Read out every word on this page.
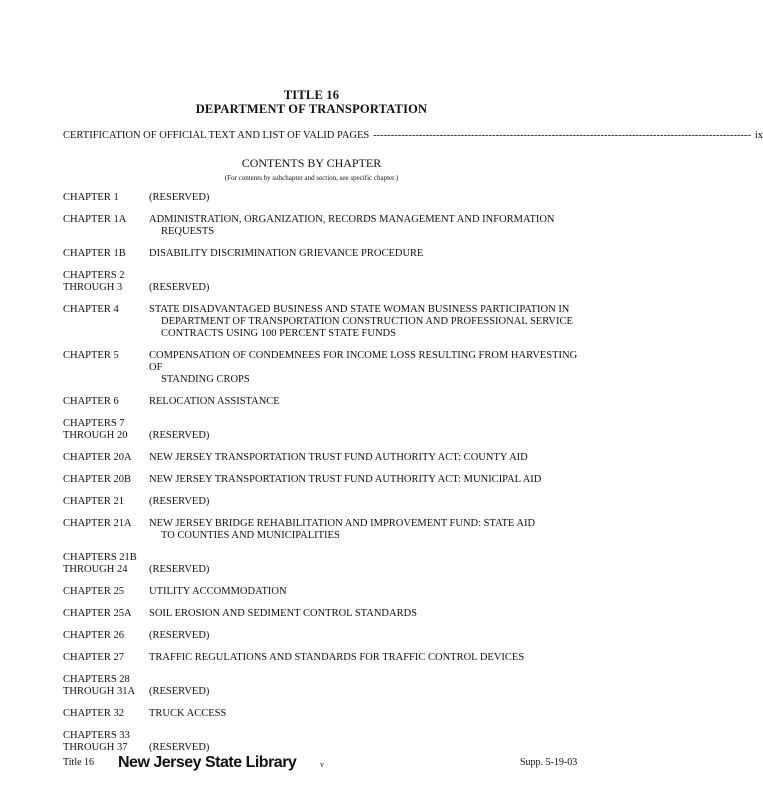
TITLE 16
DEPARTMENT OF TRANSPORTATION
CERTIFICATION OF OFFICIAL TEXT AND LIST OF VALID PAGES ------------------------------------------------------------------------------------------------------------ ix
CONTENTS BY CHAPTER
(For contents by subchapter and section, see specific chapter.)
CHAPTER 1	(RESERVED)
CHAPTER 1A	ADMINISTRATION, ORGANIZATION, RECORDS MANAGEMENT AND INFORMATION
REQUESTS
CHAPTER 1B	DISABILITY DISCRIMINATION GRIEVANCE PROCEDURE
CHAPTERS 2
THROUGH 3
	(RESERVED)
CHAPTER 4	STATE DISADVANTAGED BUSINESS AND STATE WOMAN BUSINESS PARTICIPATION IN
DEPARTMENT OF TRANSPORTATION CONSTRUCTION AND PROFESSIONAL SERVICE
CONTRACTS USING 100 PERCENT STATE FUNDS
CHAPTER 5	COMPENSATION OF CONDEMNEES FOR INCOME LOSS RESULTING FROM HARVESTING OF
STANDING CROPS
CHAPTER 6	RELOCATION ASSISTANCE
CHAPTERS 7
THROUGH 20
	(RESERVED)
CHAPTER 20A	NEW JERSEY TRANSPORTATION TRUST FUND AUTHORITY ACT: COUNTY AID
CHAPTER 20B	NEW JERSEY TRANSPORTATION TRUST FUND AUTHORITY ACT: MUNICIPAL AID
CHAPTER 21	(RESERVED)
CHAPTER 21A	NEW JERSEY BRIDGE REHABILITATION AND IMPROVEMENT FUND: STATE AID
TO COUNTIES AND MUNICIPALITIES
CHAPTERS 21B
THROUGH 24
	(RESERVED)
CHAPTER 25	UTILITY ACCOMMODATION
CHAPTER 25A	SOIL EROSION AND SEDIMENT CONTROL STANDARDS
CHAPTER 26	(RESERVED)
CHAPTER 27	TRAFFIC REGULATIONS AND STANDARDS FOR TRAFFIC CONTROL DEVICES
CHAPTERS 28
THROUGH 31A
	(RESERVED)
CHAPTER 32	TRUCK ACCESS
CHAPTERS 33
THROUGH 37
	(RESERVED)
Title 16 New Jersey State Library	v	Supp. 5-19-03
